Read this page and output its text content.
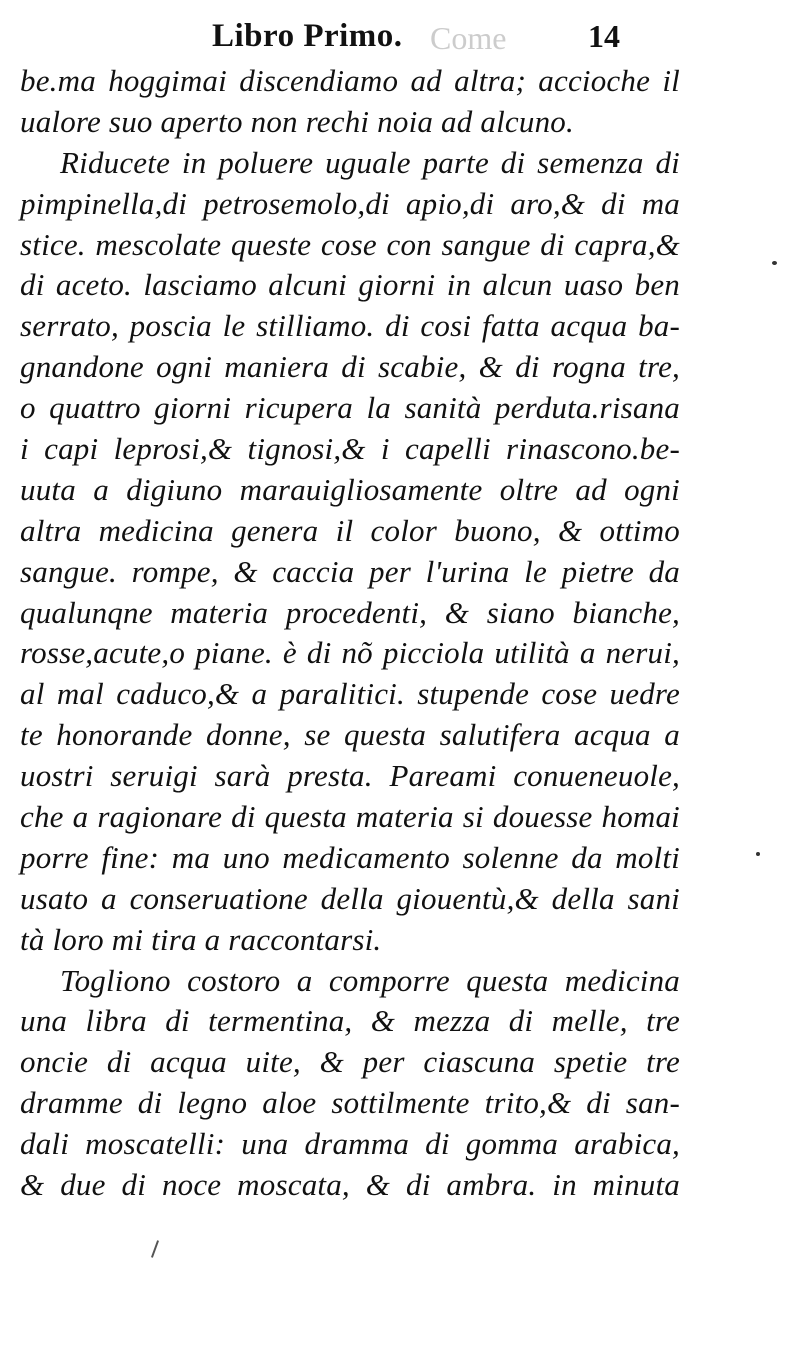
Come
Libro Primo.	14
be.ma hoggimai discendiamo ad altra; accioche il
ualore suo aperto non rechi noia ad alcuno.
Riducete in poluere uguale parte di semenza di
pimpinella,di petrosemolo,di apio,di aro,& di ma
stice. mescolate queste cose con sangue di capra,&
di aceto. lasciamo alcuni giorni in alcun uaso ben
serrato, poscia le stilliamo. di cosi fatta acqua ba-
gnandone ogni maniera di scabie, & di rogna tre,
o quattro giorni ricupera la sanità perduta.risana
i capi leprosi,& tignosi,& i capelli rinascono.be-
uuta a digiuno marauigliosamente oltre ad ogni
altra medicina genera il color buono, & ottimo
sangue. rompe, & caccia per l'urina le pietre da
qualunqne materia procedenti, & siano bianche,
rosse,acute,o piane. è di nõ picciola utilità a nerui,
al mal caduco,& a paralitici. stupende cose uedre
te honorande donne, se questa salutifera acqua a
uostri seruigi sarà presta. Pareami conueneuole,
che a ragionare di questa materia si douesse homai
porre fine: ma uno medicamento solenne da molti
usato a conseruatione della giouentù,& della sani
tà loro mi tira a raccontarsi.
Togliono costoro a comporre questa medicina
una libra di termentina, & mezza di melle, tre
oncie di acqua uite, & per ciascuna spetie tre
dramme di legno aloe sottilmente trito,& di san-
dali moscatelli: una dramma di gomma arabica,
& due di noce moscata, & di ambra. in minuta
